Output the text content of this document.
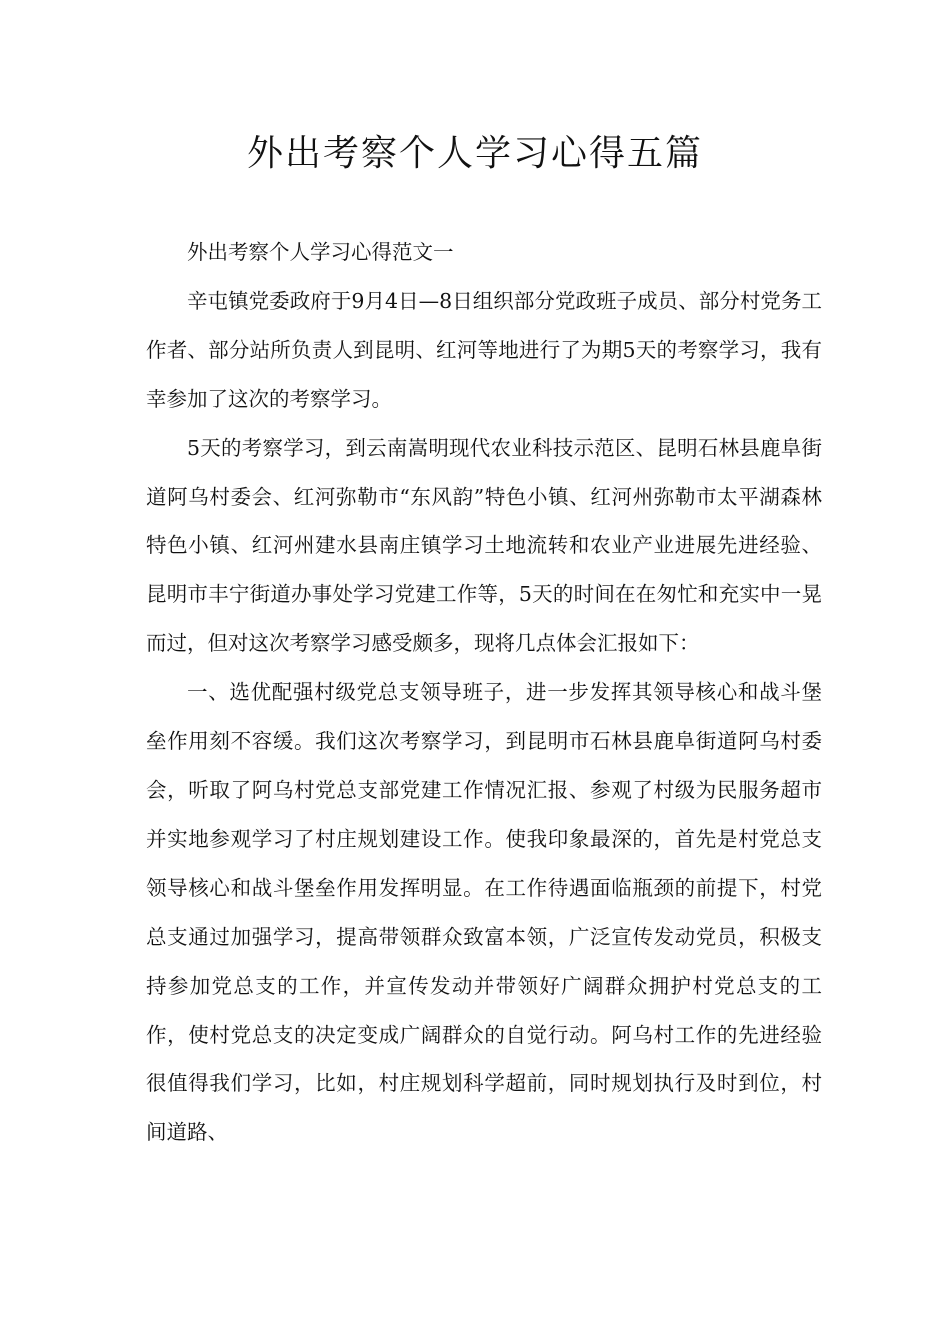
外出考察个人学习心得五篇

外出考察个人学习心得范文一

辛屯镇党委政府于9月4日—8日组织部分党政班子成员、部分村党务工作者、部分站所负责人到昆明、红河等地进行了为期5天的考察学习，我有幸参加了这次的考察学习。

5天的考察学习，到云南嵩明现代农业科技示范区、昆明石林县鹿阜街道阿乌村委会、红河弥勒市“东风韵”特色小镇、红河州弥勒市太平湖森林特色小镇、红河州建水县南庄镇学习土地流转和农业产业进展先进经验、昆明市丰宁街道办事处学习党建工作等，5天的时间在在匆忙和充实中一晃而过，但对这次考察学习感受颇多，现将几点体会汇报如下：

一、选优配强村级党总支领导班子，进一步发挥其领导核心和战斗堡垒作用刻不容缓。我们这次考察学习，到昆明市石林县鹿阜街道阿乌村委会，听取了阿乌村党总支部党建工作情况汇报、参观了村级为民服务超市并实地参观学习了村庄规划建设工作。使我印象最深的，首先是村党总支领导核心和战斗堡垒作用发挥明显。在工作待遇面临瓶颈的前提下，村党总支通过加强学习，提高带领群众致富本领，广泛宣传发动党员，积极支持参加党总支的工作，并宣传发动并带领好广阔群众拥护村党总支的工作，使村党总支的决定变成广阔群众的自觉行动。阿乌村工作的先进经验很值得我们学习，比如，村庄规划科学超前，同时规划执行及时到位，村间道路、
